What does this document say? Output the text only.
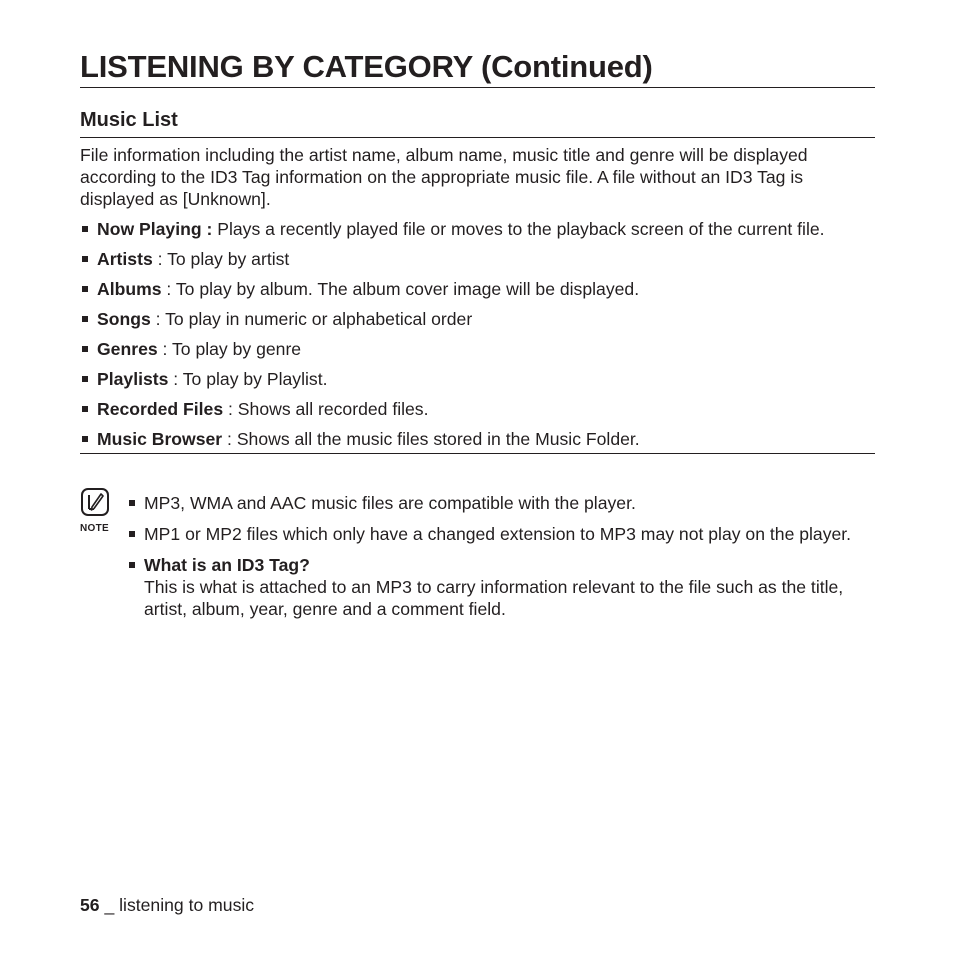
LISTENING BY CATEGORY (Continued)
Music List

File information including the artist name, album name, music title and genre will be displayed according to the ID3 Tag information on the appropriate music file. A file without an ID3 Tag is displayed as [Unknown].

Now Playing : Plays a recently played file or moves to the playback screen of the current file.
Artists : To play by artist
Albums : To play by album. The album cover image will be displayed.
Songs : To play in numeric or alphabetical order
Genres : To play by genre
Playlists : To play by Playlist.
Recorded Files : Shows all recorded files.
Music Browser : Shows all the music files stored in the Music Folder.
NOTE
MP3, WMA and AAC music files are compatible with the player.
MP1 or MP2 files which only have a changed extension to MP3 may not play on the player.
What is an ID3 Tag?
This is what is attached to an MP3 to carry information relevant to the file such as the title, artist, album, year, genre and a comment field.
56 _ listening to music
